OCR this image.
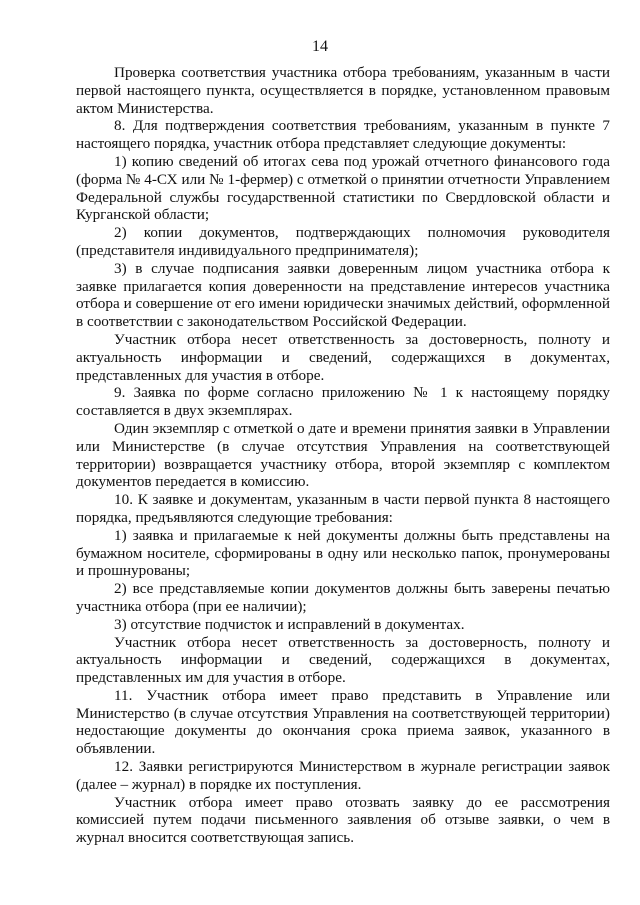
14

Проверка соответствия участника отбора требованиям, указанным в части первой настоящего пункта, осуществляется в порядке, установленном правовым актом Министерства.

8. Для подтверждения соответствия требованиям, указанным в пункте 7 настоящего порядка, участник отбора представляет следующие документы:

1) копию сведений об итогах сева под урожай отчетного финансового года (форма № 4-СХ или № 1-фермер) с отметкой о принятии отчетности Управлением Федеральной службы государственной статистики по Свердловской области и Курганской области;

2) копии документов, подтверждающих полномочия руководителя (представителя индивидуального предпринимателя);

3) в случае подписания заявки доверенным лицом участника отбора к заявке прилагается копия доверенности на представление интересов участника отбора и совершение от его имени юридически значимых действий, оформленной в соответствии с законодательством Российской Федерации.

Участник отбора несет ответственность за достоверность, полноту и актуальность информации и сведений, содержащихся в документах, представленных для участия в отборе.

9. Заявка по форме согласно приложению № 1 к настоящему порядку составляется в двух экземплярах.

Один экземпляр с отметкой о дате и времени принятия заявки в Управлении или Министерстве (в случае отсутствия Управления на соответствующей территории) возвращается участнику отбора, второй экземпляр с комплектом документов передается в комиссию.

10. К заявке и документам, указанным в части первой пункта 8 настоящего порядка, предъявляются следующие требования:

1) заявка и прилагаемые к ней документы должны быть представлены на бумажном носителе, сформированы в одну или несколько папок, пронумерованы и прошнурованы;

2) все представляемые копии документов должны быть заверены печатью участника отбора (при ее наличии);

3) отсутствие подчисток и исправлений в документах.

Участник отбора несет ответственность за достоверность, полноту и актуальность информации и сведений, содержащихся в документах, представленных им для участия в отборе.

11. Участник отбора имеет право представить в Управление или Министерство (в случае отсутствия Управления на соответствующей территории) недостающие документы до окончания срока приема заявок, указанного в объявлении.

12. Заявки регистрируются Министерством в журнале регистрации заявок (далее – журнал) в порядке их поступления.

Участник отбора имеет право отозвать заявку до ее рассмотрения комиссией путем подачи письменного заявления об отзыве заявки, о чем в журнал вносится соответствующая запись.
